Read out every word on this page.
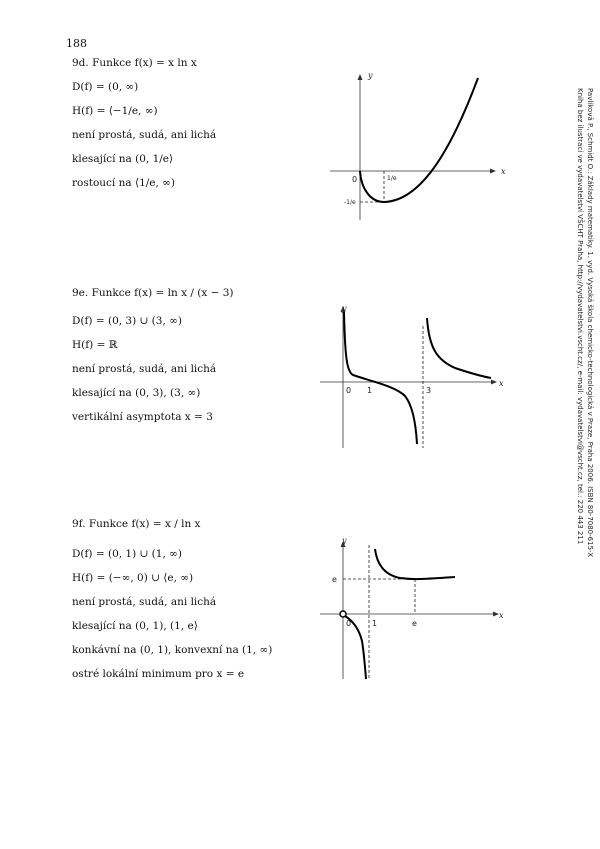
188
9d. Funkce f(x) = x ln x
D(f) = (0, ∞)
H(f) = ⟨−1/e, ∞)
není prostá, sudá, ani lichá
klesající na (0, 1/e⟩
rostoucí na ⟨1/e, ∞)
y
x
0	1/e
-1/e
9e. Funkce f(x) = ln x / (x − 3)
D(f) = (0, 3) ∪ (3, ∞)
H(f) = ℝ
není prostá, sudá, ani lichá
klesající na (0, 3), (3, ∞)
vertikální asymptota x = 3
y
x
0 1	3
9f. Funkce f(x) = x / ln x
D(f) = (0, 1) ∪ (1, ∞)
H(f) = (−∞, 0) ∪ ⟨e, ∞)
není prostá, sudá, ani lichá
klesající na (0, 1), (1, e⟩
konkávní na (0, 1), konvexní na (1, ∞)
ostré lokální minimum pro x = e
y
x
0	1	e
e
Pavlíková P., Schmidt O.: Základy matematiky. 1. vyd. Vysoká škola chemicko-technologická v Praze, Praha 2006. ISBN 80-7080-615-X
Kniha bez ilustrací ve vydavatelství VŠCHT Praha, http://vydavatelstvi.vscht.cz/, e-mail: vydavatelstvi@vscht.cz, tel.: 220 443 211
